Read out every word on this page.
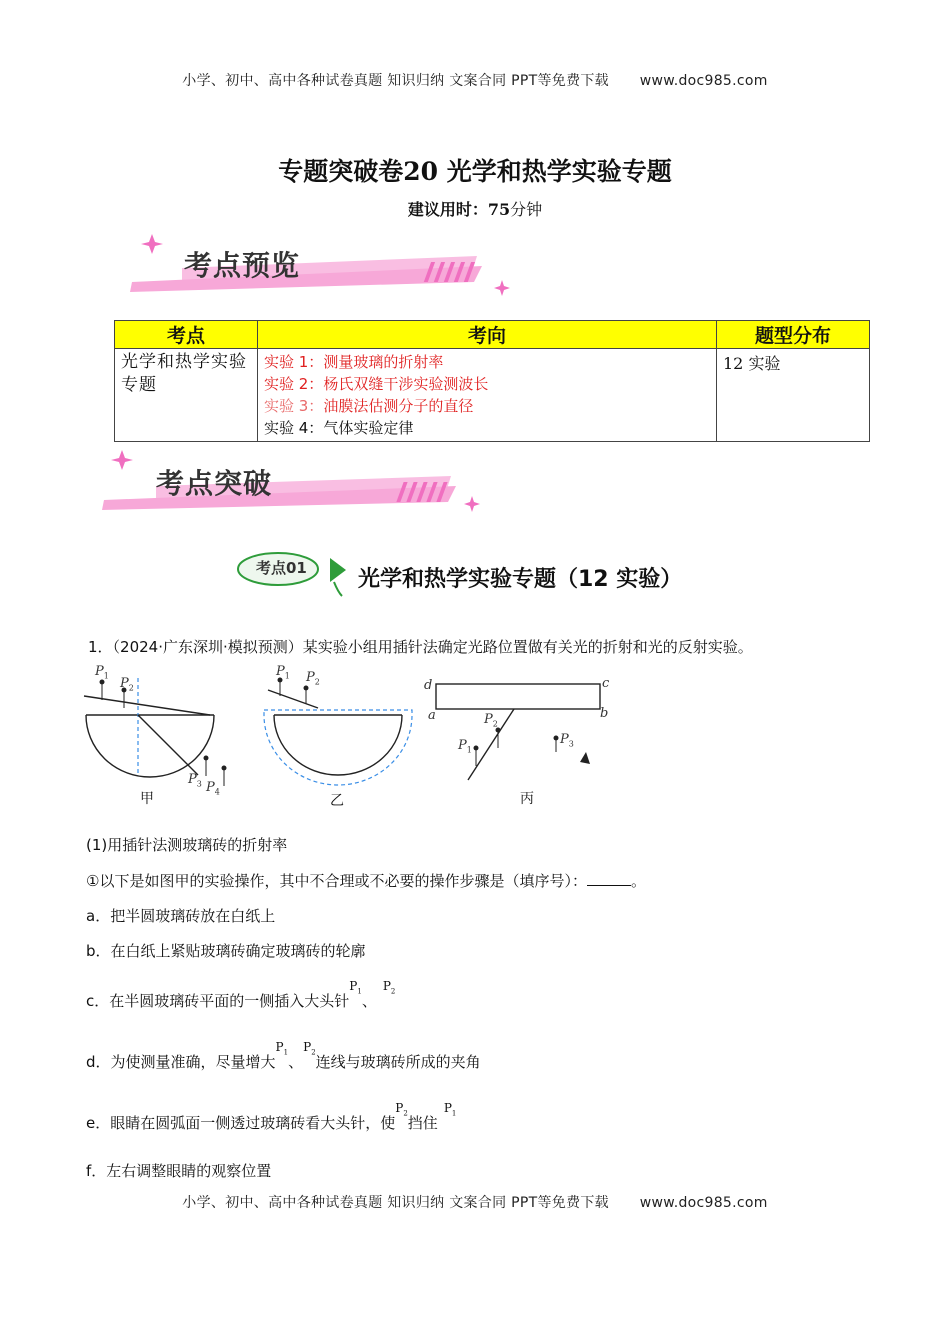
小学、初中、高中各种试卷真题 知识归纳 文案合同 PPT等免费下载 www.doc985.com
专题突破卷20 光学和热学实验专题
建议用时：75分钟
考点预览
考点	考向	题型分布
光学和热学实验专题	实验 1：测量玻璃的折射率
实验 2：杨氏双缝干涉实验测波长
实验 3：油膜法估测分子的直径
实验 4：气体实验定律	12 实验
考点突破
考点01 光学和热学实验专题（12 实验）
1．（2024·广东深圳·模拟预测）某实验小组用插针法确定光路位置做有关光的折射和光的反射实验。
$P_1$ $P_2$
$P_3$ $P_4$
$P_1$ $P_2$
$P_2$
$P_1$
$P_3$
d	c
a	b
甲	乙	丙
(1)用插针法测玻璃砖的折射率
①以下是如图甲的实验操作，其中不合理或不必要的操作步骤是（填序号）：	。
a．把半圆玻璃砖放在白纸上
b．在白纸上紧贴玻璃砖确定玻璃砖的轮廓
c．在半圆玻璃砖平面的一侧插入大头针$^{P_1}$、$^{P_2}$
d．为使测量准确，尽量增大$^{P_1}$、$^{P_2}$连线与玻璃砖所成的夹角
e．眼睛在圆弧面一侧透过玻璃砖看大头针，使$^{P_2}$挡住$^{P_1}$
f．左右调整眼睛的观察位置
小学、初中、高中各种试卷真题 知识归纳 文案合同 PPT等免费下载 www.doc985.com
